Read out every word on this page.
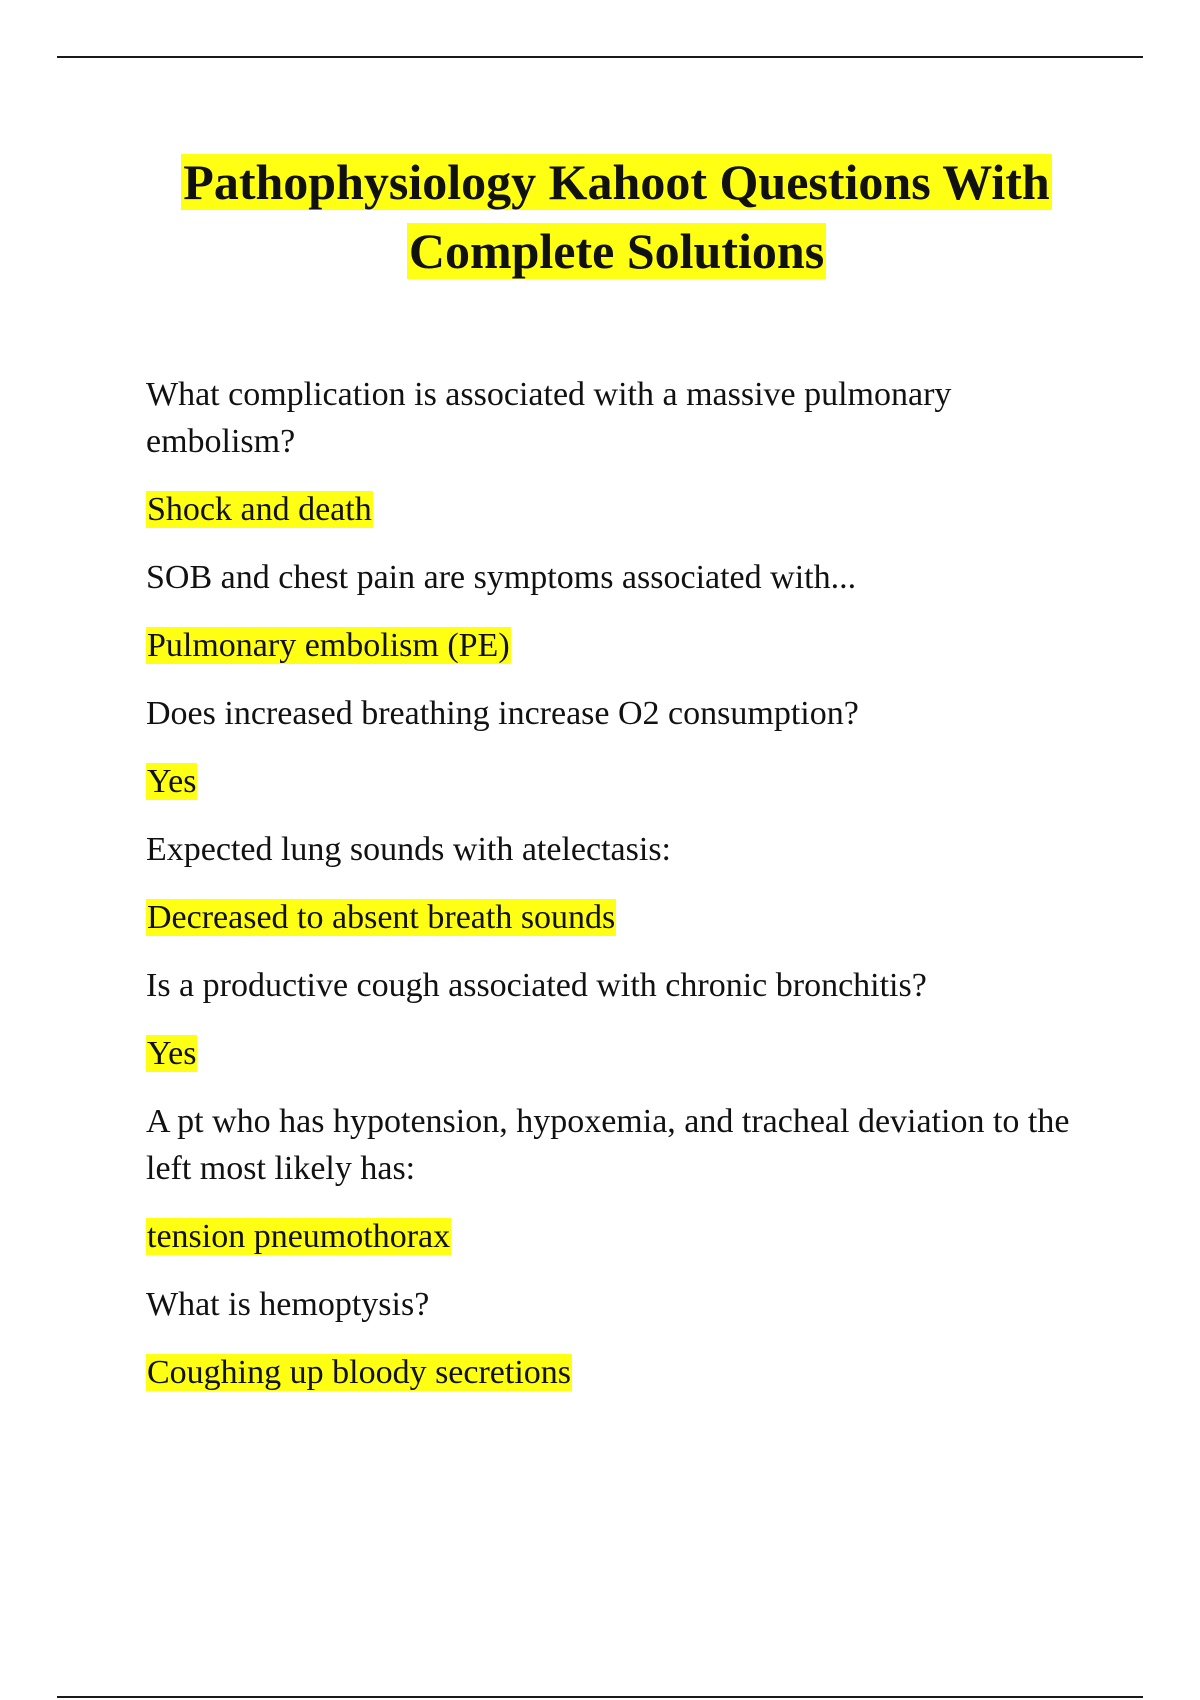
Pathophysiology Kahoot Questions With
Complete Solutions

What complication is associated with a massive pulmonary embolism?

Shock and death

SOB and chest pain are symptoms associated with...

Pulmonary embolism (PE)

Does increased breathing increase O2 consumption?

Yes

Expected lung sounds with atelectasis:

Decreased to absent breath sounds

Is a productive cough associated with chronic bronchitis?

Yes

A pt who has hypotension, hypoxemia, and tracheal deviation to the left most likely has:

tension pneumothorax

What is hemoptysis?

Coughing up bloody secretions
